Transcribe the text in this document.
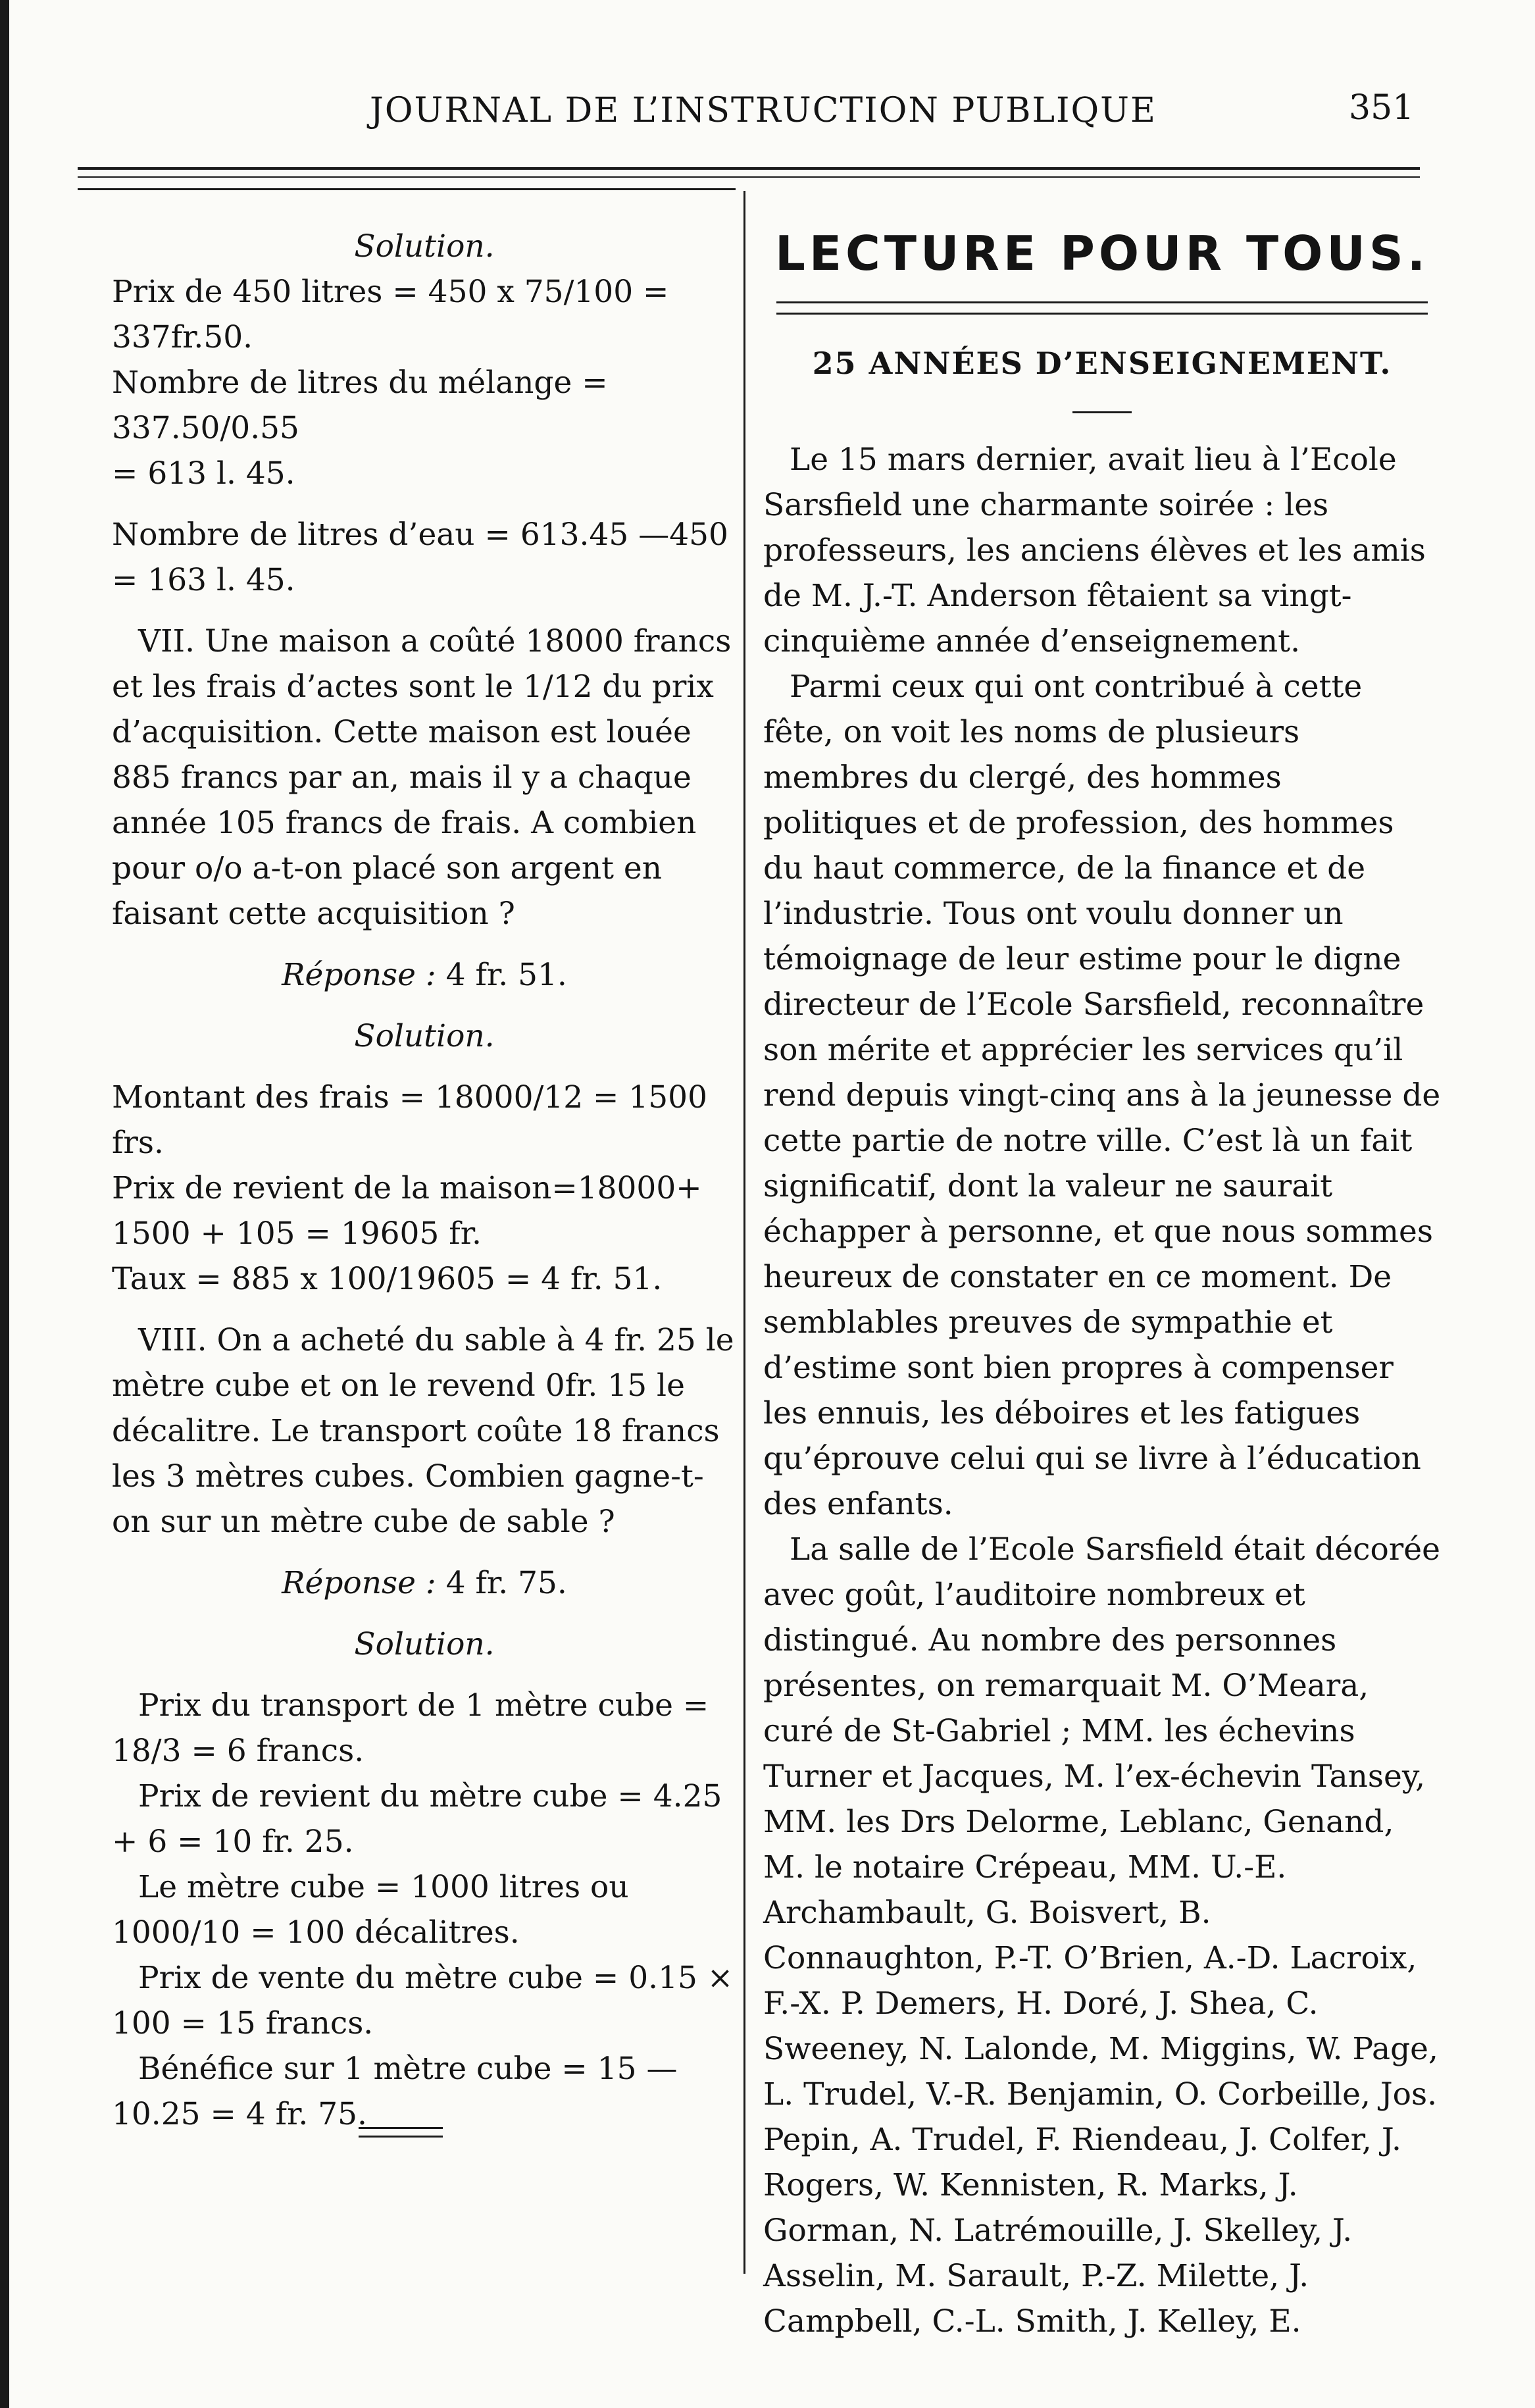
JOURNAL DE L’INSTRUCTION PUBLIQUE	351

Solution.

Prix de 450 litres = 450 x 75/100 = 337fr.50.

Nombre de litres du mélange = 337.50/0.55

= 613 l. 45.

Nombre de litres d’eau = 613.45 —450

= 163 l. 45.

VII. Une maison a coûté 18000 francs et les frais d’actes sont le 1/12 du prix d’acquisition. Cette maison est louée 885 francs par an, mais il y a chaque année 105 francs de frais. A combien pour o/o a-t-on placé son argent en faisant cette acquisition ?

Réponse : 4 fr. 51.

Solution.

Montant des frais = 18000/12 = 1500 frs.

Prix de revient de la maison=18000+ 1500 + 105 = 19605 fr.

Taux = 885 x 100/19605 = 4 fr. 51.

VIII. On a acheté du sable à 4 fr. 25 le mètre cube et on le revend 0fr. 15 le décalitre. Le transport coûte 18 francs les 3 mètres cubes. Combien gagne-t-on sur un mètre cube de sable ?

Réponse : 4 fr. 75.

Solution.

Prix du transport de 1 mètre cube = 18/3 = 6 francs.

Prix de revient du mètre cube = 4.25 + 6 = 10 fr. 25.

Le mètre cube = 1000 litres ou 1000/10 = 100 décalitres.

Prix de vente du mètre cube = 0.15 × 100 = 15 francs.

Bénéfice sur 1 mètre cube = 15 — 10.25 = 4 fr. 75.

LECTURE POUR TOUS.

25 ANNÉES D’ENSEIGNEMENT.

Le 15 mars dernier, avait lieu à l’Ecole Sarsfield une charmante soirée : les professeurs, les anciens élèves et les amis de M. J.-T. Anderson fêtaient sa vingt-cinquième année d’enseignement.

Parmi ceux qui ont contribué à cette fête, on voit les noms de plusieurs membres du clergé, des hommes politiques et de profession, des hommes du haut commerce, de la finance et de l’industrie. Tous ont voulu donner un témoignage de leur estime pour le digne directeur de l’Ecole Sarsfield, reconnaître son mérite et apprécier les services qu’il rend depuis vingt-cinq ans à la jeunesse de cette partie de notre ville. C’est là un fait significatif, dont la valeur ne saurait échapper à personne, et que nous sommes heureux de constater en ce moment. De semblables preuves de sympathie et d’estime sont bien propres à compenser les ennuis, les déboires et les fatigues qu’éprouve celui qui se livre à l’éducation des enfants.

La salle de l’Ecole Sarsfield était décorée avec goût, l’auditoire nombreux et distingué. Au nombre des personnes présentes, on remarquait M. O’Meara, curé de St-Gabriel ; MM. les échevins Turner et Jacques, M. l’ex-échevin Tansey, MM. les Drs Delorme, Leblanc, Genand, M. le notaire Crépeau, MM. U.-E. Archambault, G. Boisvert, B. Connaughton, P.-T. O’Brien, A.-D. Lacroix, F.-X. P. Demers, H. Doré, J. Shea, C. Sweeney, N. Lalonde, M. Miggins, W. Page, L. Trudel, V.-R. Benjamin, O. Corbeille, Jos. Pepin, A. Trudel, F. Riendeau, J. Colfer, J. Rogers, W. Kennisten, R. Marks, J. Gorman, N. Latrémouille, J. Skelley, J. Asselin, M. Sarault, P.-Z. Milette, J. Campbell, C.-L. Smith, J. Kelley, E.
